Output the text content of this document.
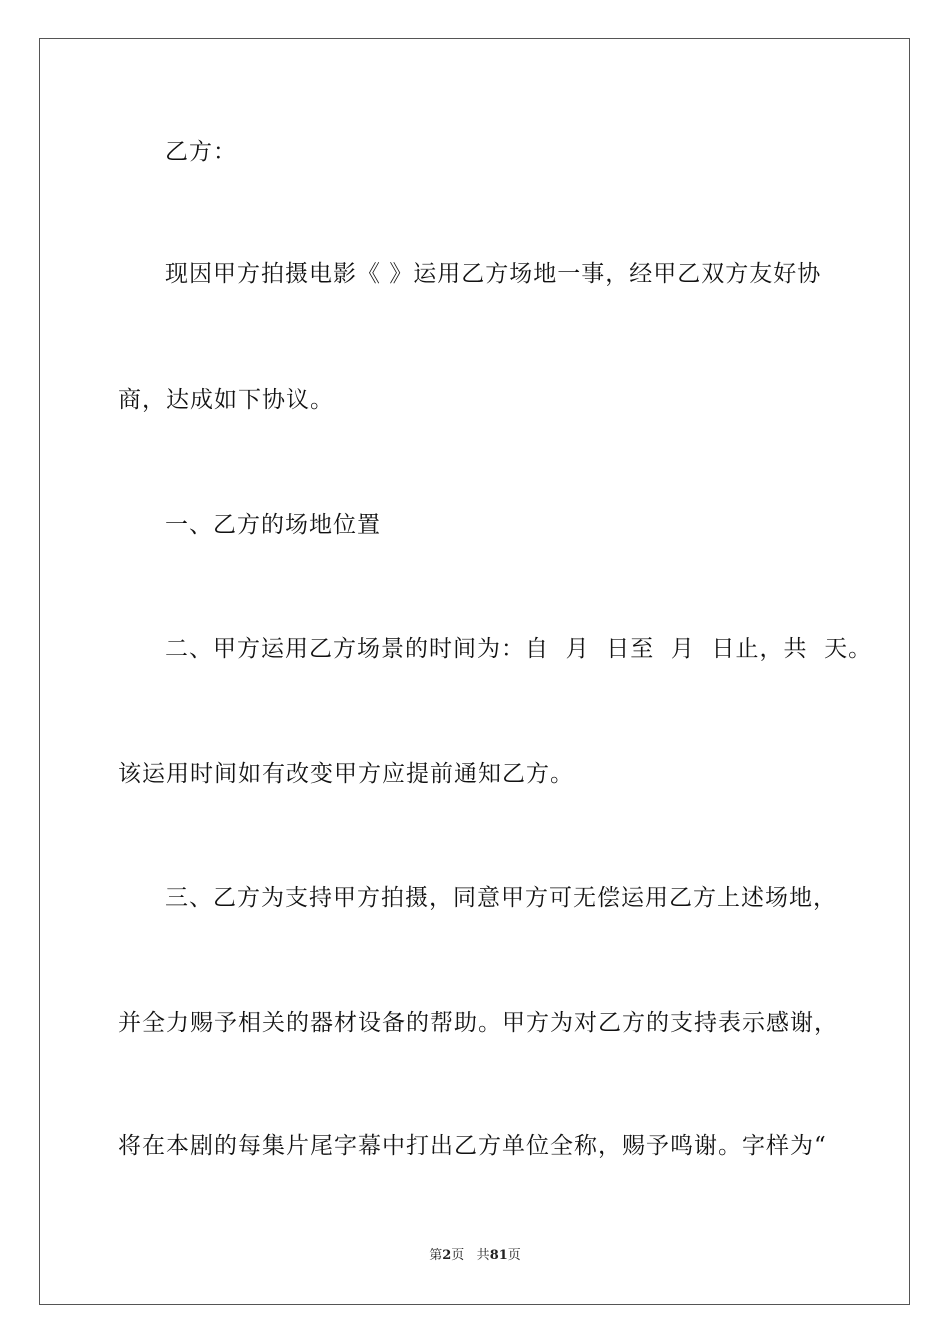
乙方：
现因甲方拍摄电影《 》运用乙方场地一事，经甲乙双方友好协
商，达成如下协议。
一、乙方的场地位置
二、甲方运用乙方场景的时间为：自  月  日至  月  日止，共  天。
该运用时间如有改变甲方应提前通知乙方。
三、乙方为支持甲方拍摄，同意甲方可无偿运用乙方上述场地，
并全力赐予相关的器材设备的帮助。甲方为对乙方的支持表示感谢，
将在本剧的每集片尾字幕中打出乙方单位全称，赐予鸣谢。字样为“
第2页 共81页
